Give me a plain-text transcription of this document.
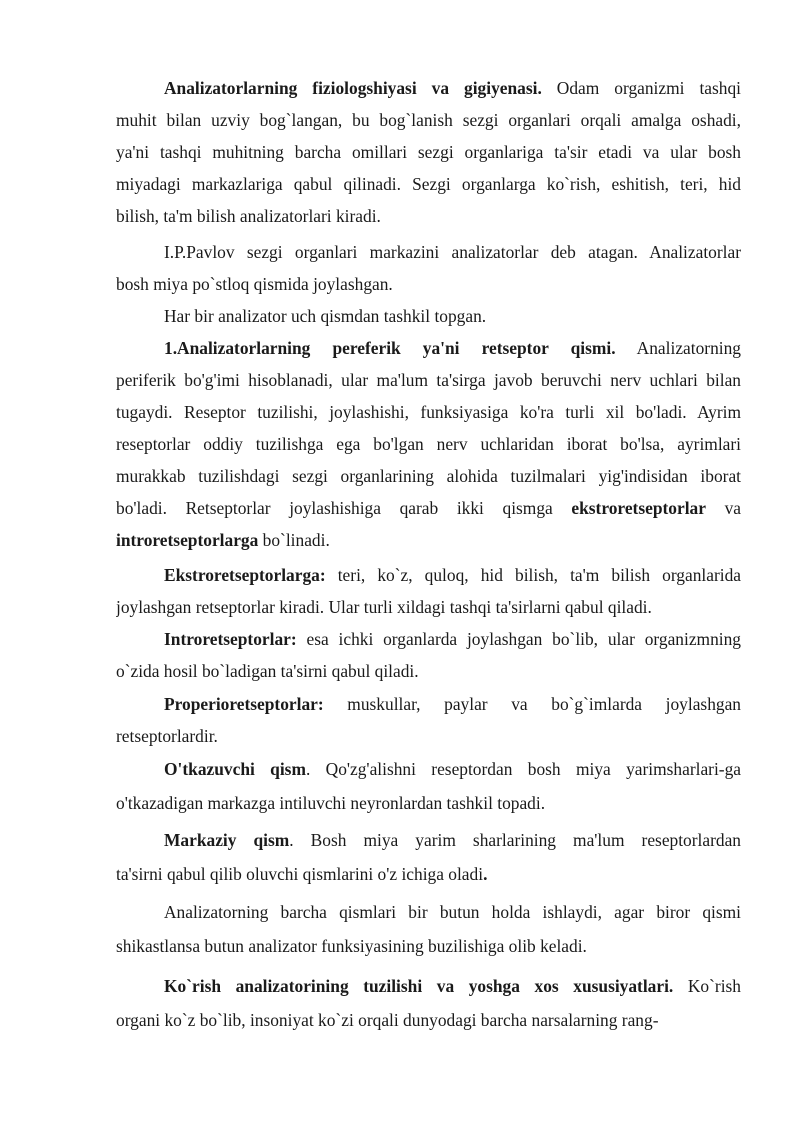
Analizatorlarning fiziologshiyasi va gigiyenasi. Odam organizmi tashqi
muhit bilan uzviy bog`langan, bu bog`lanish sezgi organlari orqali amalga oshadi,
ya'ni tashqi muhitning barcha omillari sezgi organlariga ta'sir etadi va ular bosh
miyadagi markazlariga qabul qilinadi. Sezgi organlarga ko`rish, eshitish, teri, hid
bilish, ta'm bilish analizatorlari kiradi.
I.P.Pavlov sezgi organlari markazini analizatorlar deb atagan. Analizatorlar
bosh miya po`stloq qismida joylashgan.
Har bir analizator uch qismdan tashkil topgan.
1.Analizatorlarning pereferik ya'ni retseptor qismi. Analizatorning
periferik bo'g'imi hisoblanadi, ular ma'lum ta'sirga javob beruvchi nerv uchlari bilan
tugaydi. Reseptor tuzilishi, joylashishi, funksiyasiga ko'ra turli xil bo'ladi. Ayrim
reseptorlar oddiy tuzilishga ega bo'lgan nerv uchlaridan iborat bo'lsa, ayrimlari
murakkab tuzilishdagi sezgi organlarining alohida tuzilmalari yig'indisidan iborat
bo'ladi. Retseptorlar joylashishiga qarab ikki qismga ekstroretseptorlar va
introretseptorlarga bo`linadi.
Ekstroretseptorlarga: teri, ko`z, quloq, hid bilish, ta'm bilish organlarida
joylashgan retseptorlar kiradi. Ular turli xildagi tashqi ta'sirlarni qabul qiladi.
Introretseptorlar: esa ichki organlarda joylashgan bo`lib, ular organizmning
o`zida hosil bo`ladigan ta'sirni qabul qiladi.
Properioretseptorlar: muskullar, paylar va bo`g`imlarda joylashgan
retseptorlardir.
O'tkazuvchi qism. Qo'zg'alishni reseptordan bosh miya yarimsharlari-ga
o'tkazadigan markazga intiluvchi neyronlardan tashkil topadi.
Markaziy qism. Bosh miya yarim sharlarining ma'lum reseptorlardan
ta'sirni qabul qilib oluvchi qismlarini o'z ichiga oladi.
Analizatorning barcha qismlari bir butun holda ishlaydi, agar biror qismi
shikastlansa butun analizator funksiyasining buzilishiga olib keladi.
Ko`rish analizatorining tuzilishi va yoshga xos xususiyatlari. Ko`rish
organi ko`z bo`lib, insoniyat ko`zi orqali dunyodagi barcha narsalarning rang-
